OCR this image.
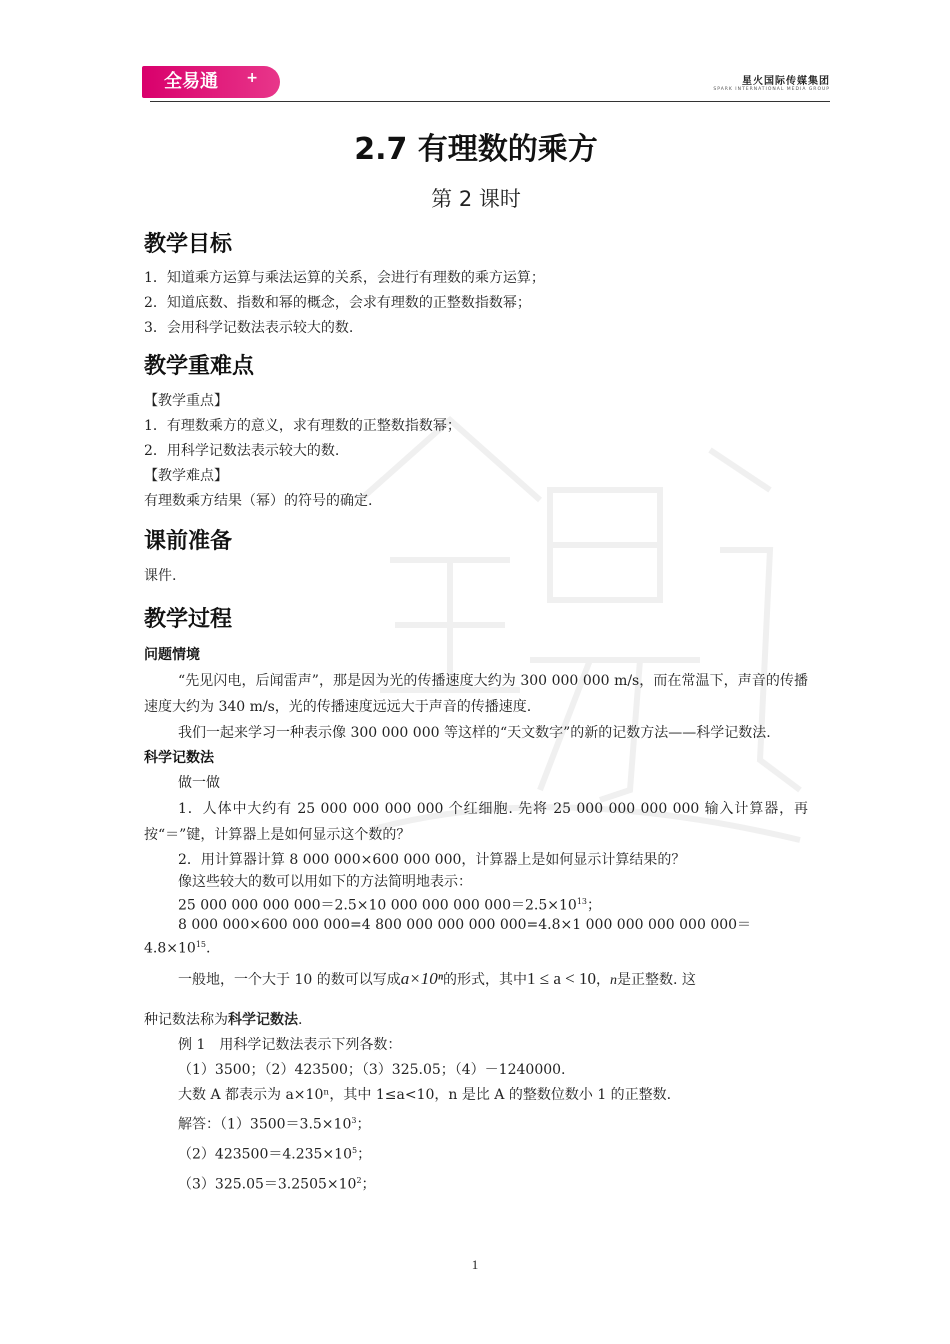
全易通 +	星火国际传媒集团
SPARK INTERNATIONAL MEDIA GROUP
2.7 有理数的乘方
第 2 课时
教学目标
1．知道乘方运算与乘法运算的关系，会进行有理数的乘方运算；
2．知道底数、指数和幂的概念，会求有理数的正整数指数幂；
3．会用科学记数法表示较大的数.
教学重难点
【教学重点】
1．有理数乘方的意义，求有理数的正整数指数幂；
2．用科学记数法表示较大的数.
【教学难点】
有理数乘方结果（幂）的符号的确定.
课前准备
课件.
教学过程
问题情境
“先见闪电，后闻雷声”，那是因为光的传播速度大约为 300 000 000 m/s，而在常温下，声音的传播速度大约为 340 m/s，光的传播速度远远大于声音的传播速度.
我们一起来学习一种表示像 300 000 000 等这样的“天文数字”的新的记数方法——科学记数法.
科学记数法
做一做
1．人体中大约有 25 000 000 000 000 个红细胞. 先将 25 000 000 000 000 输入计算器，再按“＝”键，计算器上是如何显示这个数的？
2．用计算器计算 8 000 000×600 000 000，计算器上是如何显示计算结果的？
像这些较大的数可以用如下的方法简明地表示：
25 000 000 000 000＝2.5×10 000 000 000 $000=2.5\times 10^{13}$；
8 000 000×600 000 000=4 800 000 000 000 000=4.8×1 000 000 000 000 000＝
$4.8\times 10^{15}$.
一般地，一个大于 10 的数可以写成a×10ⁿ的形式，其中1 ≤ a < 10，n是正整数. 这
种记数法称为科学记数法.
例 1　用科学记数法表示下列各数：
（1）3500；（2）423500；（3）325.05；（4）－1240000.
大数 A 都表示为 a×10ⁿ，其中 1≤a<10，n 是比 A 的整数位数小 1 的正整数.
解答：$(1)3500=3.5\times 10^3$；
$(2)423500=4.235\times 10^5$；
$(3)325.05=3.2505\times 10^2$；
1
